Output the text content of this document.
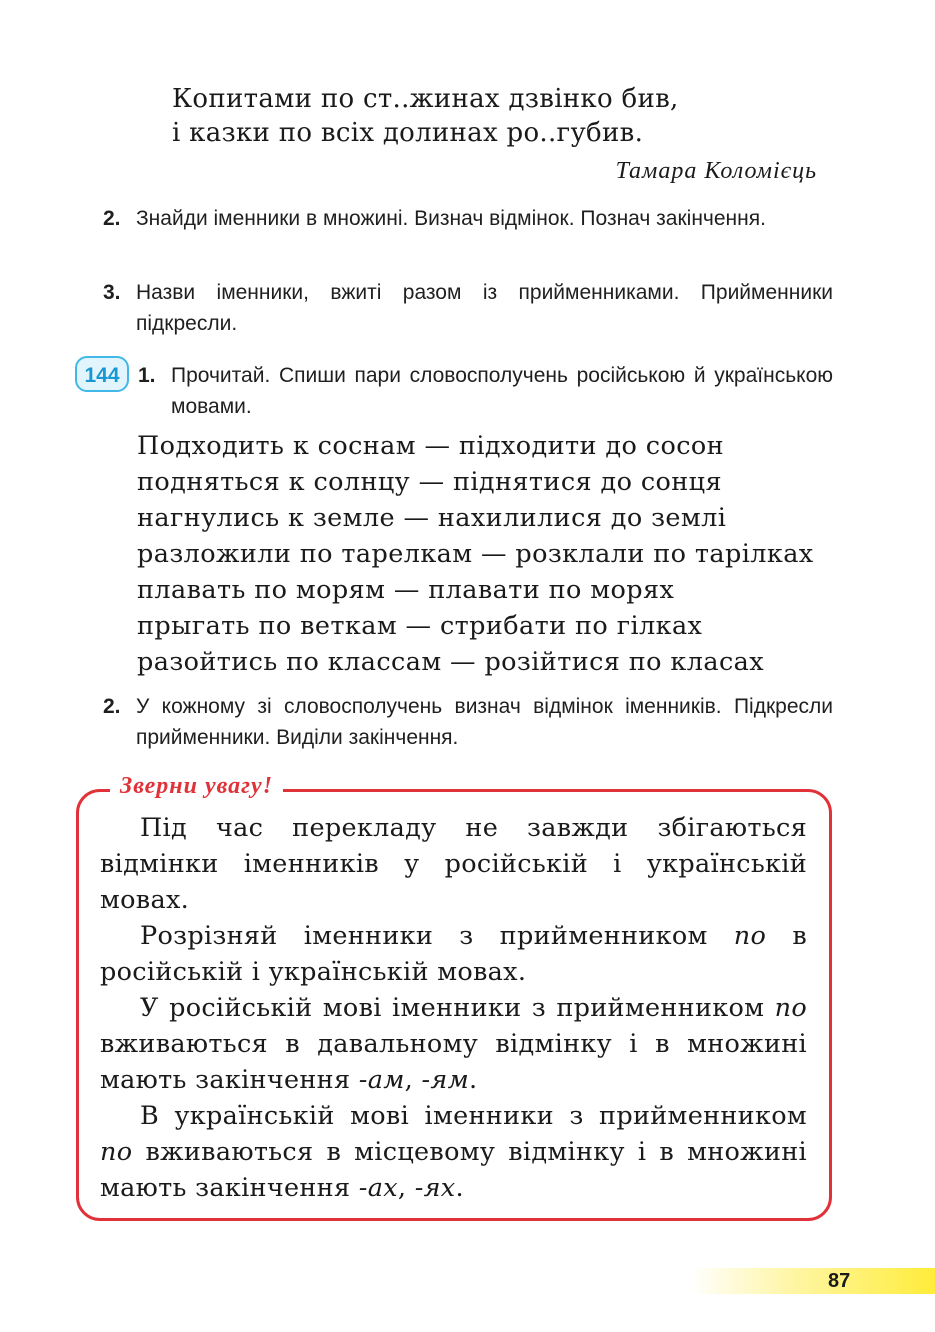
Копитами по ст..жинах дзвінко бив,
і казки по всіх долинах ро..губив.
Тамара Коломієць
2. Знайди іменники в множині. Визнач відмінок. Познач закінчення.
3. Назви іменники, вжиті разом із прийменниками. Прийменники підкресли.
144 1. Прочитай. Спиши пари словосполучень російською й українською мовами.
Подходить к соснам — підходити до сосон
подняться к солнцу — піднятися до сонця
нагнулись к земле — нахилилися до землі
разложили по тарелкам — розклали по тарілках
плавать по морям — плавати по морях
прыгать по веткам — стрибати по гілках
разойтись по классам — розійтися по класах
2. У кожному зі словосполучень визнач відмінок іменників. Підкресли прийменники. Виділи закінчення.
Зверни увагу!

Під час перекладу не завжди збігаються відмінки іменників у російській і українській мовах.

Розрізняй іменники з прийменником по в російській і українській мовах.

У російській мові іменники з прийменником по вживаються в давальному відмінку і в множині мають закінчення -ам, -ям.

В українській мові іменники з прийменником по вживаються в місцевому відмінку і в множині мають закінчення -ах, -ях.

87
